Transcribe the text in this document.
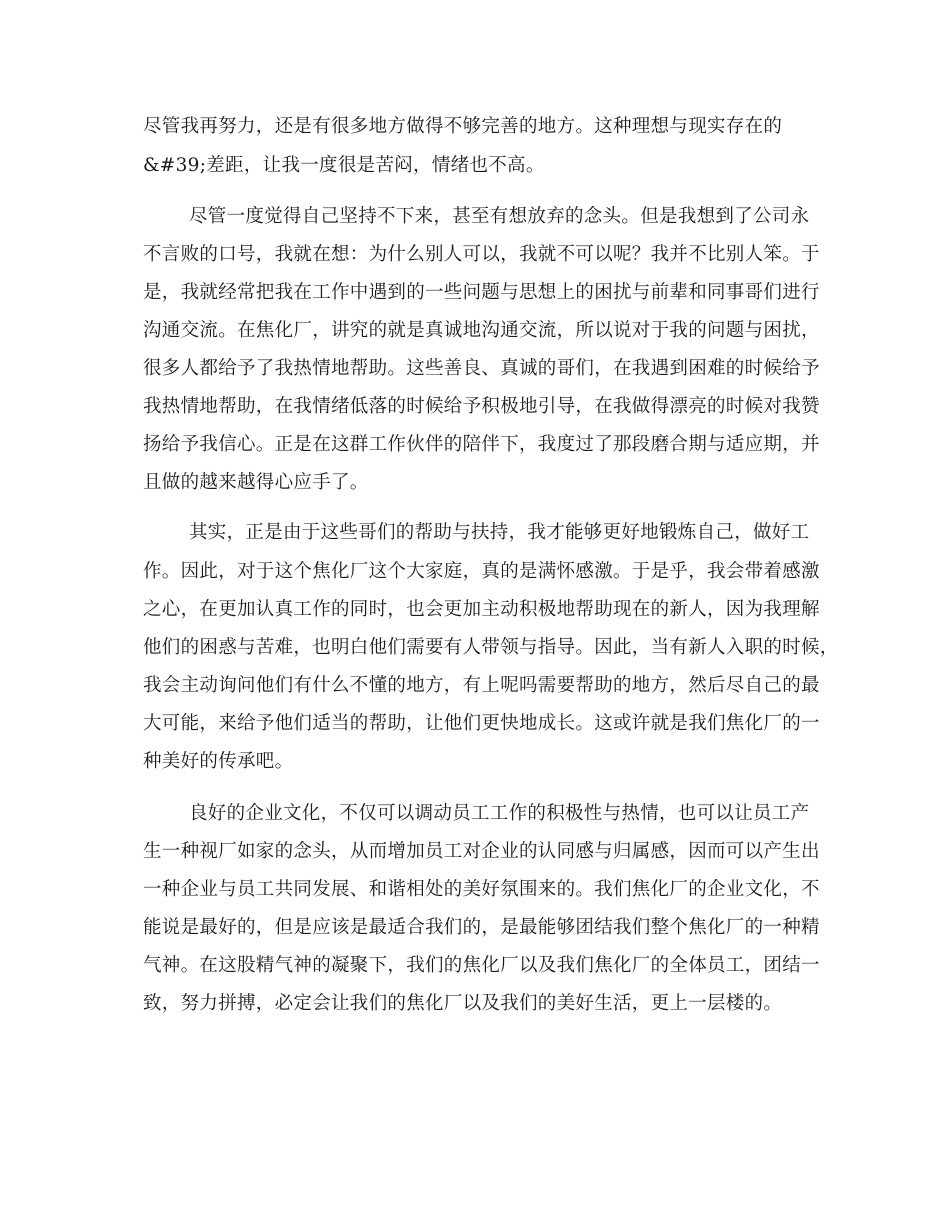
尽管我再努力，还是有很多地方做得不够完善的地方。这种理想与现实存在的
&#39;差距，让我一度很是苦闷，情绪也不高。
尽管一度觉得自己坚持不下来，甚至有想放弃的念头。但是我想到了公司永
不言败的口号，我就在想：为什么别人可以，我就不可以呢？我并不比别人笨。于
是，我就经常把我在工作中遇到的一些问题与思想上的困扰与前辈和同事哥们进行
沟通交流。在焦化厂，讲究的就是真诚地沟通交流，所以说对于我的问题与困扰，
很多人都给予了我热情地帮助。这些善良、真诚的哥们，在我遇到困难的时候给予
我热情地帮助，在我情绪低落的时候给予积极地引导，在我做得漂亮的时候对我赞
扬给予我信心。正是在这群工作伙伴的陪伴下，我度过了那段磨合期与适应期，并
且做的越来越得心应手了。
其实，正是由于这些哥们的帮助与扶持，我才能够更好地锻炼自己，做好工
作。因此，对于这个焦化厂这个大家庭，真的是满怀感激。于是乎，我会带着感激
之心，在更加认真工作的同时，也会更加主动积极地帮助现在的新人，因为我理解
他们的困惑与苦难，也明白他们需要有人带领与指导。因此，当有新人入职的时候，
我会主动询问他们有什么不懂的地方，有上呢吗需要帮助的地方，然后尽自己的最
大可能，来给予他们适当的帮助，让他们更快地成长。这或许就是我们焦化厂的一
种美好的传承吧。
良好的企业文化，不仅可以调动员工工作的积极性与热情，也可以让员工产
生一种视厂如家的念头，从而增加员工对企业的认同感与归属感，因而可以产生出
一种企业与员工共同发展、和谐相处的美好氛围来的。我们焦化厂的企业文化，不
能说是最好的，但是应该是最适合我们的，是最能够团结我们整个焦化厂的一种精
气神。在这股精气神的凝聚下，我们的焦化厂以及我们焦化厂的全体员工，团结一
致，努力拼搏，必定会让我们的焦化厂以及我们的美好生活，更上一层楼的。
